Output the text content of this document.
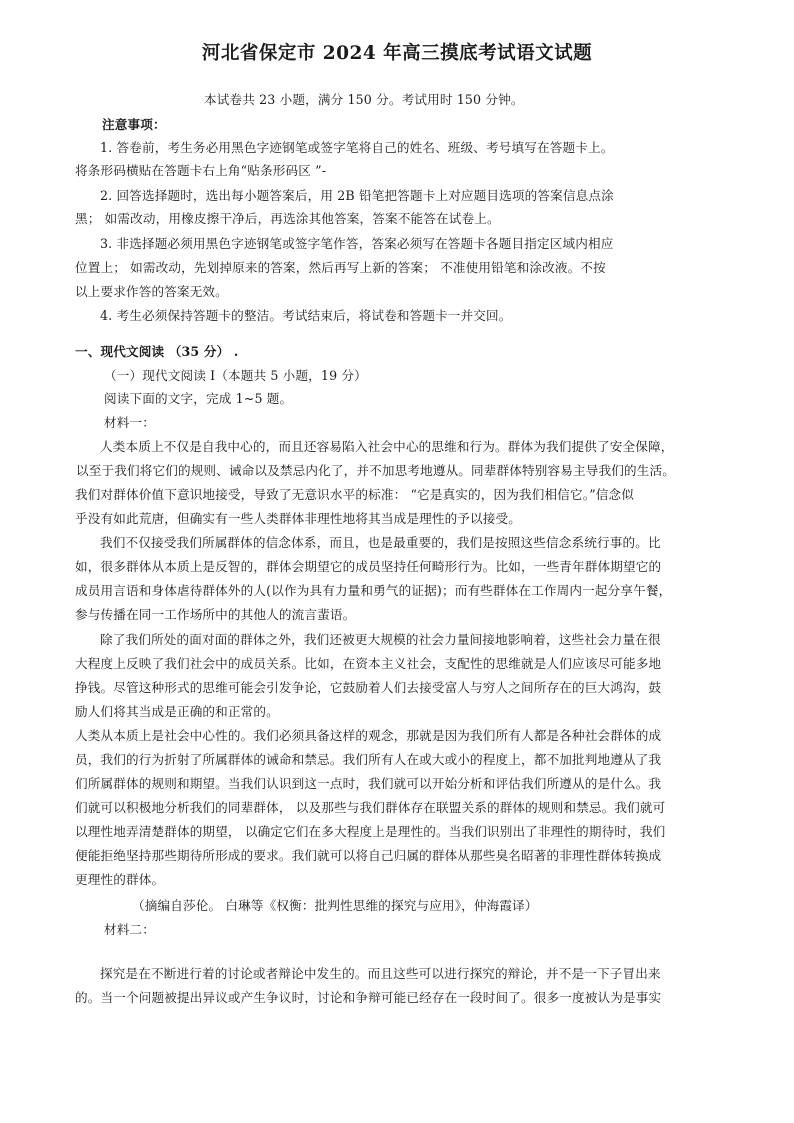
河北省保定市 2024 年高三摸底考试语文试题
本试卷共 23 小题，满分 150 分。考试用时 150 分钟。
注意事项：
1. 答卷前，考生务必用黑色字迹钢笔或签字笔将自己的姓名、班级、考号填写在答题卡上。
将条形码横贴在答题卡右上角“贴条形码区 ”-
2. 回答选择题时，选出每小题答案后，用 2B 铅笔把答题卡上对应题目选项的答案信息点涂
黑； 如需改动，用橡皮擦干净后，再选涂其他答案，答案不能答在试卷上。
3. 非选择题必须用黑色字迹钢笔或签字笔作答，答案必须写在答题卡各题目指定区域内相应
位置上； 如需改动，先划掉原来的答案，然后再写上新的答案； 不准使用铅笔和涂改液。不按
以上要求作答的答案无效。
4. 考生必须保持答题卡的整洁。考试结束后，将试卷和答题卡一并交回。
一、现代文阅读 （35 分） .
（一）现代文阅读 Ⅰ（本题共 5 小题，19 分）
阅读下面的文字，完成 1~5 题。
材料一：
人类本质上不仅是自我中心的，而且还容易陷入社会中心的思维和行为。群体为我们提供了安全保障，
以至于我们将它们的规则、诫命以及禁忌内化了，并不加思考地遵从。同辈群体特别容易主导我们的生活。
我们对群体价值下意识地接受，导致了无意识水平的标准： “它是真实的，因为我们相信它。”信念似
乎没有如此荒唐，但确实有一些人类群体非理性地将其当成是理性的予以接受。
我们不仅接受我们所属群体的信念体系，而且，也是最重要的，我们是按照这些信念系统行事的。比
如，很多群体从本质上是反智的，群体会期望它的成员坚持任何畸形行为。比如，一些青年群体期望它的
成员用言语和身体虐待群体外的人(以作为具有力量和勇气的证据)；而有些群体在工作周内一起分享午餐，
参与传播在同一工作场所中的其他人的流言蜚语。
除了我们所处的面对面的群体之外，我们还被更大规模的社会力量间接地影响着，这些社会力量在很
大程度上反映了我们社会中的成员关系。比如，在资本主义社会，支配性的思维就是人们应该尽可能多地
挣钱。尽管这种形式的思维可能会引发争论，它鼓励着人们去接受富人与穷人之间所存在的巨大鸿沟，鼓
励人们将其当成是正确的和正常的。
人类从本质上是社会中心性的。我们必须具备这样的观念，那就是因为我们所有人都是各种社会群体的成
员，我们的行为折射了所属群体的诫命和禁忌。我们所有人在或大或小的程度上，都不加批判地遵从了我
们所属群体的规则和期望。当我们认识到这一点时，我们就可以开始分析和评估我们所遵从的是什么。我
们就可以积极地分析我们的同辈群体， 以及那些与我们群体存在联盟关系的群体的规则和禁忌。我们就可
以理性地弄清楚群体的期望， 以确定它们在多大程度上是理性的。当我们识别出了非理性的期待时，我们
便能拒绝坚持那些期待所形成的要求。我们就可以将自己归属的群体从那些臭名昭著的非理性群体转换成
更理性的群体。
（摘编自莎伦。 白琳等《权衡：批判性思维的探究与应用》，仲海霞译）
材料二：
探究是在不断进行着的讨论或者辩论中发生的。而且这些可以进行探究的辩论，并不是一下子冒出来
的。当一个问题被提出异议或产生争议时，讨论和争辩可能已经存在一段时间了。很多一度被认为是事实
